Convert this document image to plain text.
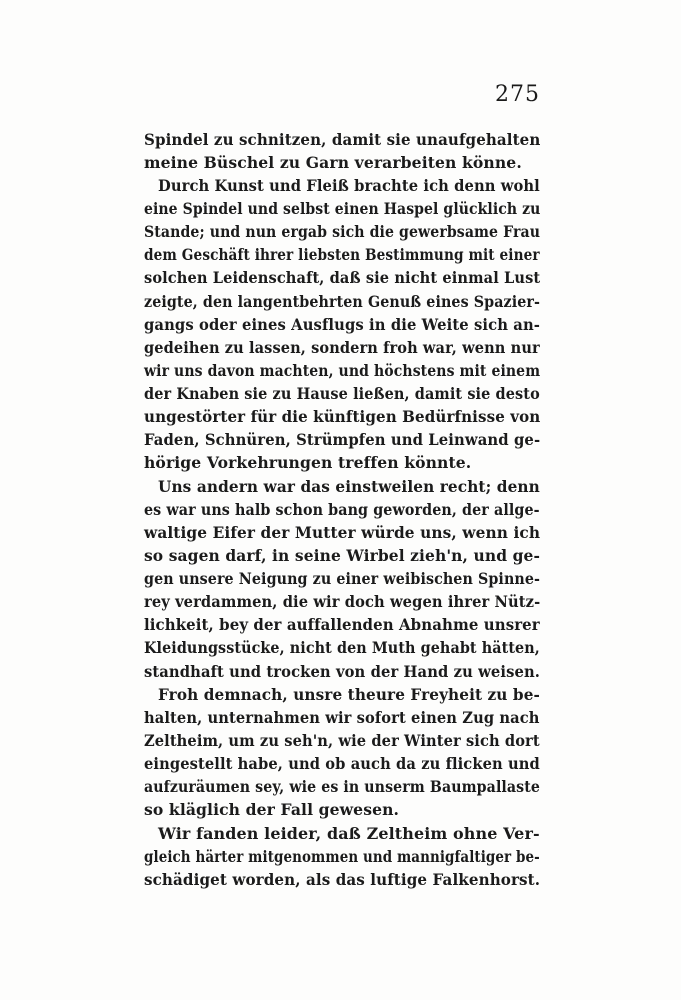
275
Spindel zu schnitzen, damit sie unaufgehalten
meine Büschel zu Garn verarbeiten könne.
Durch Kunst und Fleiß brachte ich denn wohl
eine Spindel und selbst einen Haspel glücklich zu
Stande; und nun ergab sich die gewerbsame Frau
dem Geschäft ihrer liebsten Bestimmung mit einer
solchen Leidenschaft, daß sie nicht einmal Lust
zeigte, den langentbehrten Genuß eines Spazier-
gangs oder eines Ausflugs in die Weite sich an-
gedeihen zu lassen, sondern froh war, wenn nur
wir uns davon machten, und höchstens mit einem
der Knaben sie zu Hause ließen, damit sie desto
ungestörter für die künftigen Bedürfnisse von
Faden, Schnüren, Strümpfen und Leinwand ge-
hörige Vorkehrungen treffen könnte.
Uns andern war das einstweilen recht; denn
es war uns halb schon bang geworden, der allge-
waltige Eifer der Mutter würde uns, wenn ich
so sagen darf, in seine Wirbel zieh'n, und ge-
gen unsere Neigung zu einer weibischen Spinne-
rey verdammen, die wir doch wegen ihrer Nütz-
lichkeit, bey der auffallenden Abnahme unsrer
Kleidungsstücke, nicht den Muth gehabt hätten,
standhaft und trocken von der Hand zu weisen.
Froh demnach, unsre theure Freyheit zu be-
halten, unternahmen wir sofort einen Zug nach
Zeltheim, um zu seh'n, wie der Winter sich dort
eingestellt habe, und ob auch da zu flicken und
aufzuräumen sey, wie es in unserm Baumpallaste
so kläglich der Fall gewesen.
Wir fanden leider, daß Zeltheim ohne Ver-
gleich härter mitgenommen und mannigfaltiger be-
schädiget worden, als das luftige Falkenhorst.
